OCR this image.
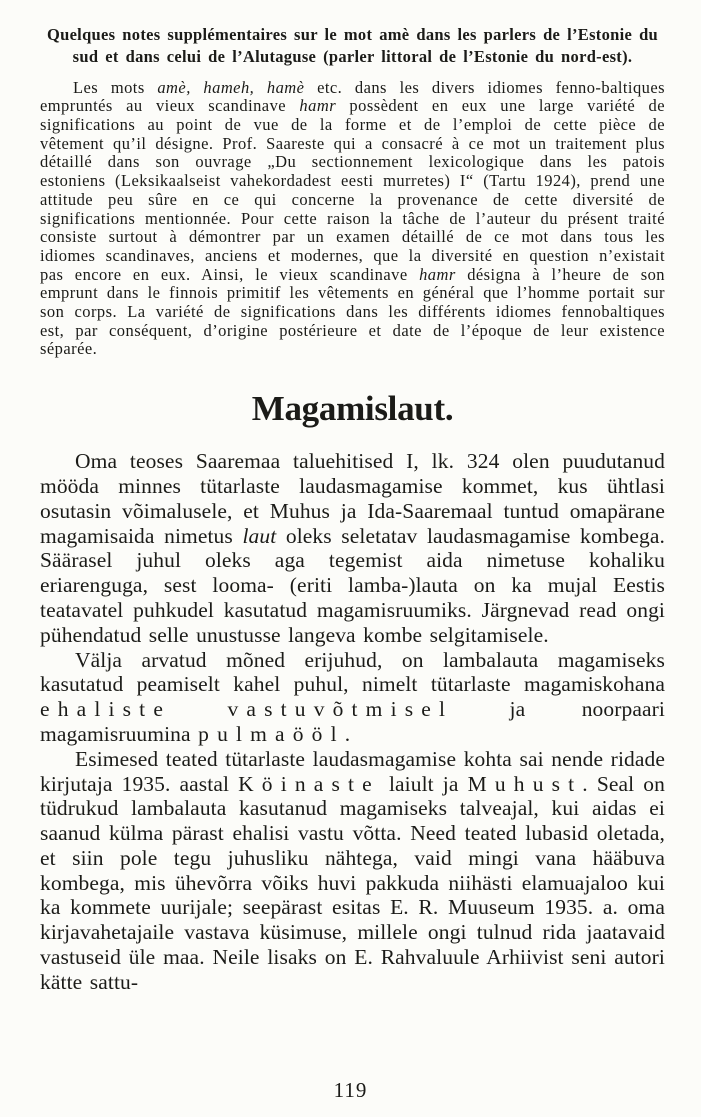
Quelques notes supplémentaires sur le mot amè dans les parlers de l’Estonie du sud et dans celui de l’Alutaguse (parler littoral de l’Estonie du nord-est).

Les mots amè, hameh, hamè etc. dans les divers idiomes fenno-baltiques empruntés au vieux scandinave hamr possèdent en eux une large variété de significations au point de vue de la forme et de l’emploi de cette pièce de vêtement qu’il désigne. Prof. Saareste qui a consacré à ce mot un traitement plus détaillé dans son ouvrage „Du sectionnement lexicologique dans les patois estoniens (Leksikaalseist vahekordadest eesti murretes) I“ (Tartu 1924), prend une attitude peu sûre en ce qui concerne la provenance de cette diversité de significations mentionnée. Pour cette raison la tâche de l’auteur du présent traité consiste surtout à démontrer par un examen détaillé de ce mot dans tous les idiomes scandinaves, anciens et modernes, que la diversité en question n’existait pas encore en eux. Ainsi, le vieux scandinave hamr désigna à l’heure de son emprunt dans le finnois primitif les vêtements en général que l’homme portait sur son corps. La variété de significations dans les différents idiomes fennobaltiques est, par conséquent, d’origine postérieure et date de l’époque de leur existence séparée.

Magamislaut.

Oma teoses Saaremaa taluehitised I, lk. 324 olen puudutanud mööda minnes tütarlaste laudasmagamise kommet, kus ühtlasi osutasin võimalusele, et Muhus ja Ida-Saaremaal tuntud omapärane magamisaida nimetus laut oleks seletatav laudasmagamise kombega. Säärasel juhul oleks aga tegemist aida nimetuse kohaliku eriarenguga, sest looma- (eriti lamba-)lauta on ka mujal Eestis teatavatel puhkudel kasutatud magamisruumiks. Järgnevad read ongi pühendatud selle unustusse langeva kombe selgitamisele.

Välja arvatud mõned erijuhud, on lambalauta magamiseks kasutatud peamiselt kahel puhul, nimelt tütarlaste magamiskohana ehaliste	vastuvõtmisel ja noorpaari magamisruumina pulmaööl.

Esimesed teated tütarlaste laudasmagamise kohta sai nende ridade kirjutaja 1935. aastal Köinaste laiult ja Muhust. Seal on tüdrukud lambalauta kasutanud magamiseks talveajal, kui aidas ei saanud külma pärast ehalisi vastu võtta. Need teated lubasid oletada, et siin pole tegu juhusliku nähtega, vaid mingi vana hääbuva kombega, mis ühevõrra võiks huvi pakkuda niihästi elamuajaloo kui ka kommete uurijale; seepärast esitas E. R. Muuseum 1935. a. oma kirjavahetajaile vastava küsimuse, millele ongi tulnud rida jaatavaid vastuseid üle maa. Neile lisaks on E. Rahvaluule Arhiivist seni autori kätte sattu-

119
